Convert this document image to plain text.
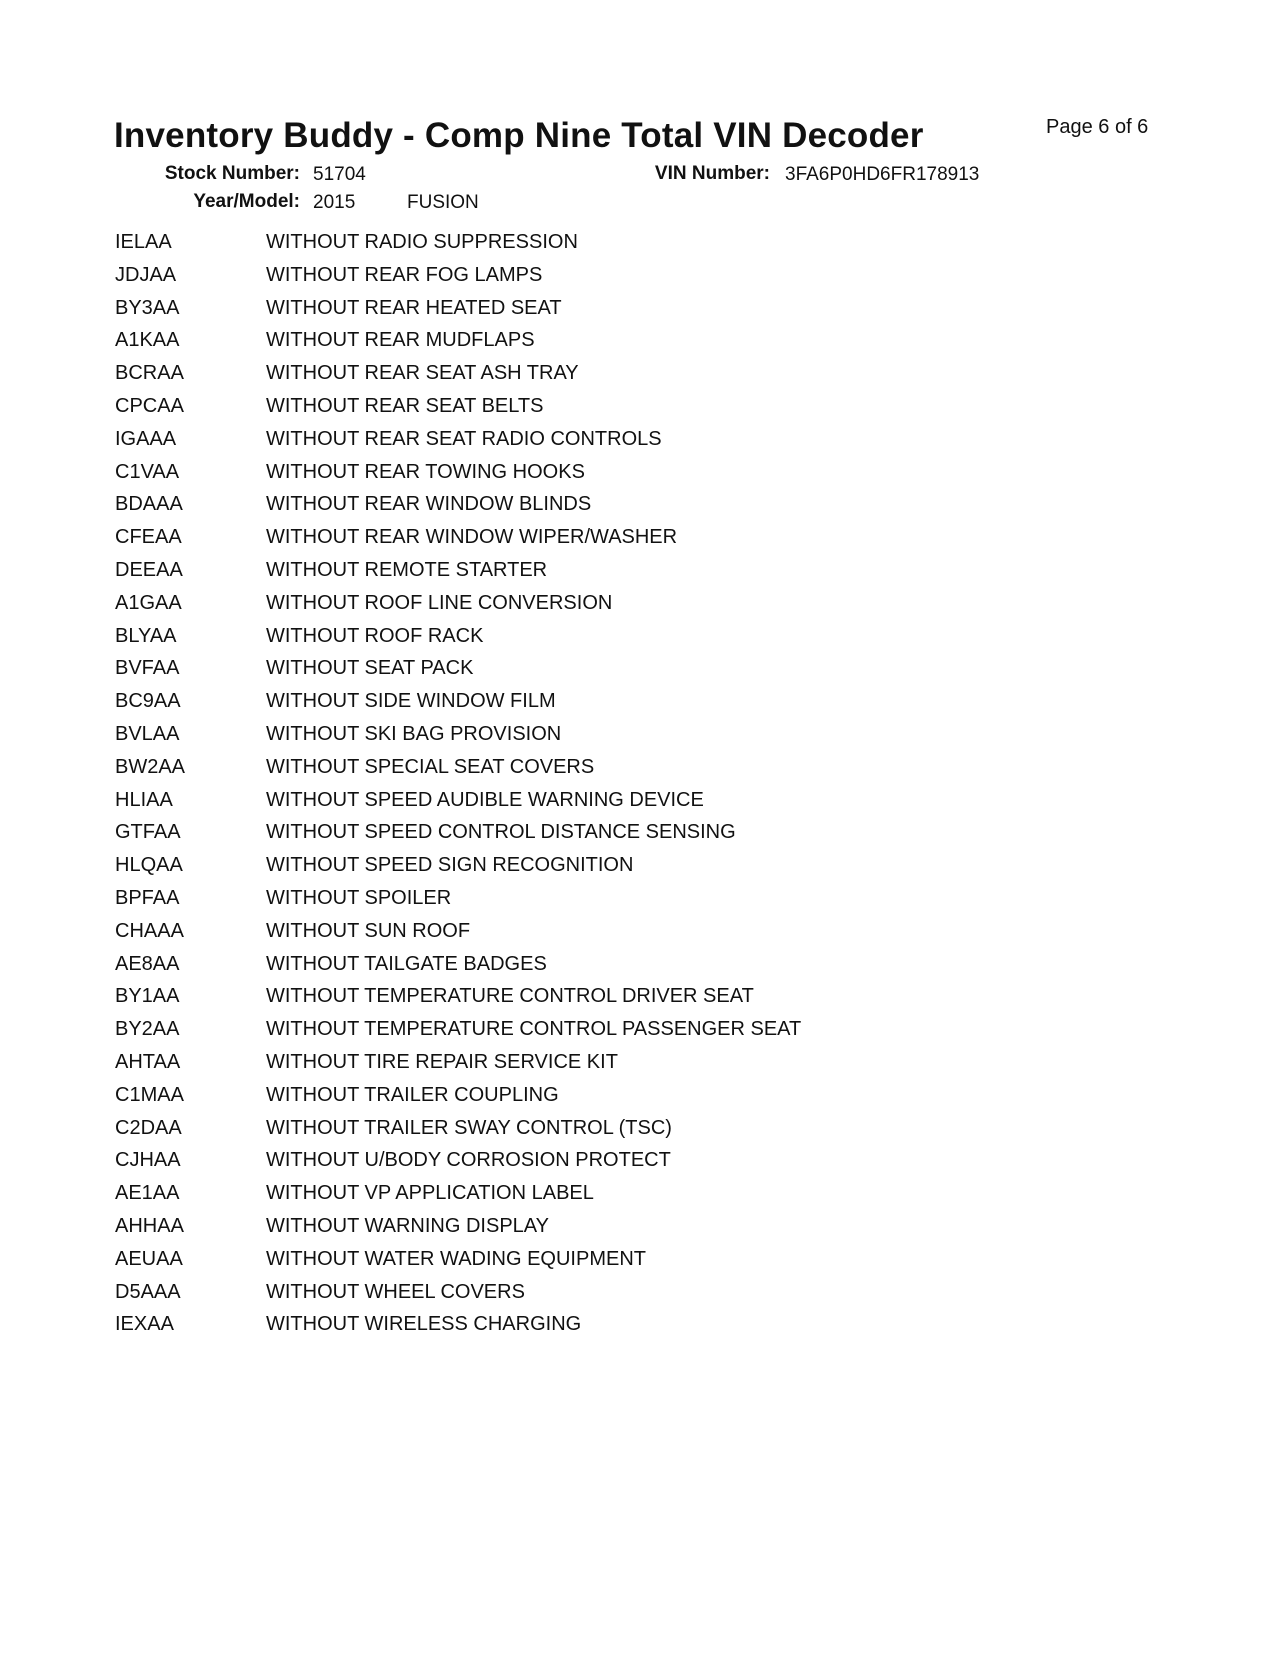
Inventory Buddy - Comp Nine Total VIN Decoder	Page 6 of 6
Stock Number: 51704	VIN Number: 3FA6P0HD6FR178913
Year/Model: 2015	FUSION
IELAA	WITHOUT RADIO SUPPRESSION
JDJAA	WITHOUT REAR FOG LAMPS
BY3AA	WITHOUT REAR HEATED SEAT
A1KAA	WITHOUT REAR MUDFLAPS
BCRAA	WITHOUT REAR SEAT ASH TRAY
CPCAA	WITHOUT REAR SEAT BELTS
IGAAA	WITHOUT REAR SEAT RADIO CONTROLS
C1VAA	WITHOUT REAR TOWING HOOKS
BDAAA	WITHOUT REAR WINDOW BLINDS
CFEAA	WITHOUT REAR WINDOW WIPER/WASHER
DEEAA	WITHOUT REMOTE STARTER
A1GAA	WITHOUT ROOF LINE CONVERSION
BLYAA	WITHOUT ROOF RACK
BVFAA	WITHOUT SEAT PACK
BC9AA	WITHOUT SIDE WINDOW FILM
BVLAA	WITHOUT SKI BAG PROVISION
BW2AA	WITHOUT SPECIAL SEAT COVERS
HLIAA	WITHOUT SPEED AUDIBLE WARNING DEVICE
GTFAA	WITHOUT SPEED CONTROL DISTANCE SENSING
HLQAA	WITHOUT SPEED SIGN RECOGNITION
BPFAA	WITHOUT SPOILER
CHAAA	WITHOUT SUN ROOF
AE8AA	WITHOUT TAILGATE BADGES
BY1AA	WITHOUT TEMPERATURE CONTROL DRIVER SEAT
BY2AA	WITHOUT TEMPERATURE CONTROL PASSENGER SEAT
AHTAA	WITHOUT TIRE REPAIR SERVICE KIT
C1MAA	WITHOUT TRAILER COUPLING
C2DAA	WITHOUT TRAILER SWAY CONTROL (TSC)
CJHAA	WITHOUT U/BODY CORROSION PROTECT
AE1AA	WITHOUT VP APPLICATION LABEL
AHHAA	WITHOUT WARNING DISPLAY
AEUAA	WITHOUT WATER WADING EQUIPMENT
D5AAA	WITHOUT WHEEL COVERS
IEXAA	WITHOUT WIRELESS CHARGING
